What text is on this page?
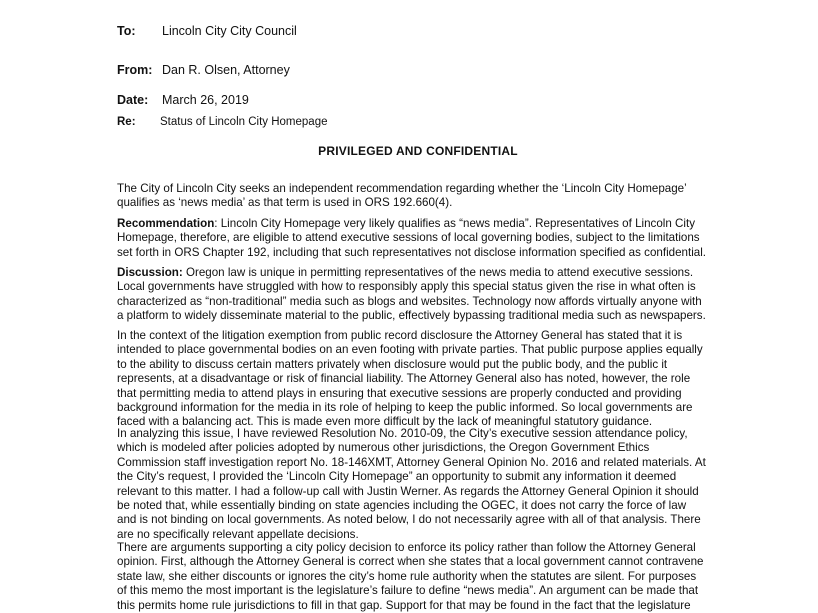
To: Lincoln City City Council
From: Dan R. Olsen, Attorney
Date: March 26, 2019
Re: Status of Lincoln City Homepage
PRIVILEGED AND CONFIDENTIAL

The City of Lincoln City seeks an independent recommendation regarding whether the ‘Lincoln City Homepage’ qualifies as ‘news media’ as that term is used in ORS 192.660(4).

Recommendation: Lincoln City Homepage very likely qualifies as “news media”. Representatives of Lincoln City Homepage, therefore, are eligible to attend executive sessions of local governing bodies, subject to the limitations set forth in ORS Chapter 192, including that such representatives not disclose information specified as confidential.

Discussion: Oregon law is unique in permitting representatives of the news media to attend executive sessions. Local governments have struggled with how to responsibly apply this special status given the rise in what often is characterized as “non-traditional” media such as blogs and websites. Technology now affords virtually anyone with a platform to widely disseminate material to the public, effectively bypassing traditional media such as newspapers.

In the context of the litigation exemption from public record disclosure the Attorney General has stated that it is intended to place governmental bodies on an even footing with private parties. That public purpose applies equally to the ability to discuss certain matters privately when disclosure would put the public body, and the public it represents, at a disadvantage or risk of financial liability. The Attorney General also has noted, however, the role that permitting media to attend plays in ensuring that executive sessions are properly conducted and providing background information for the media in its role of helping to keep the public informed. So local governments are faced with a balancing act. This is made even more difficult by the lack of meaningful statutory guidance.

In analyzing this issue, I have reviewed Resolution No. 2010-09, the City’s executive session attendance policy, which is modeled after policies adopted by numerous other jurisdictions, the Oregon Government Ethics Commission staff investigation report No. 18-146XMT, Attorney General Opinion No. 2016 and related materials. At the City’s request, I provided the ‘Lincoln City Homepage” an opportunity to submit any information it deemed relevant to this matter. I had a follow-up call with Justin Werner. As regards the Attorney General Opinion it should be noted that, while essentially binding on state agencies including the OGEC, it does not carry the force of law and is not binding on local governments. As noted below, I do not necessarily agree with all of that analysis. There are no specifically relevant appellate decisions.

There are arguments supporting a city policy decision to enforce its policy rather than follow the Attorney General opinion. First, although the Attorney General is correct when she states that a local government cannot contravene state law, she either discounts or ignores the city’s home rule authority when the statutes are silent. For purposes of this memo the most important is the legislature’s failure to define “news media”. An argument can be made that this permits home rule jurisdictions to fill in that gap. Support for that may be found in the fact that the legislature
